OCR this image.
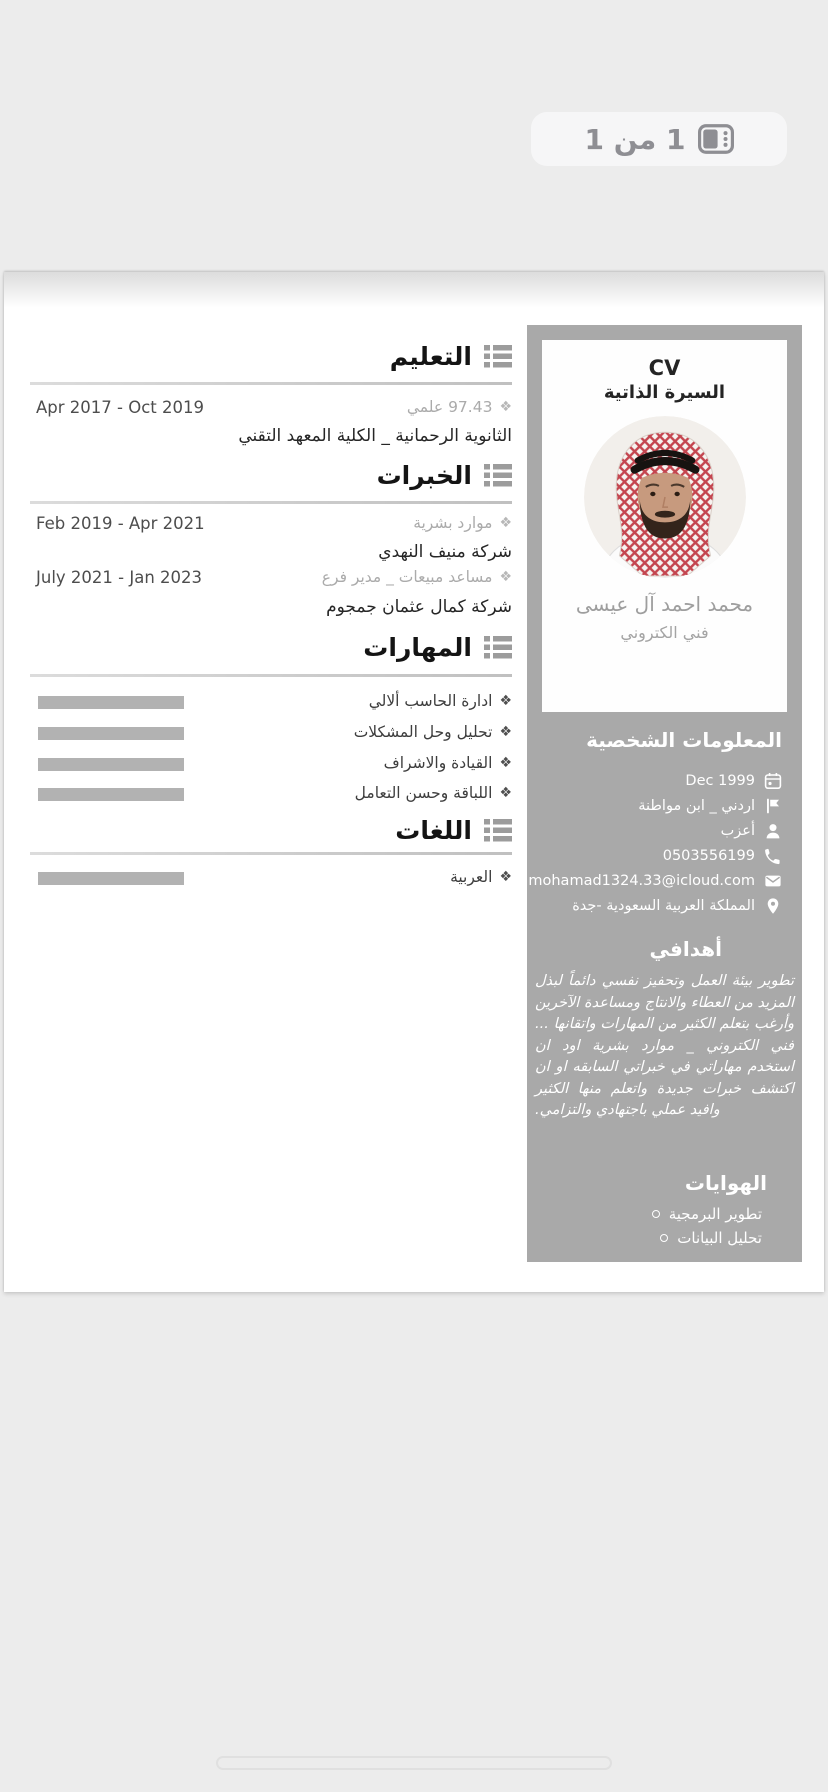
1 من 1
التعليم
Apr 2017 - Oct 2019	❖
97.43 علمي
الثانوية الرحمانية _ الكلية المعهد التقني
الخبرات
Feb 2019 - Apr 2021	❖
موارد بشرية
شركة منيف النهدي
July 2021 - Jan 2023	❖
مساعد مبيعات _ مدير فرع
شركة كمال عثمان جمجوم
المهارات
❖
ادارة الحاسب ألالي
❖
تحليل وحل المشكلات
❖
القيادة والاشراف
❖
اللباقة وحسن التعامل
اللغات
❖
العربية
CV
السيرة الذاتية
محمد احمد آل عيسى
فني الكتروني
المعلومات الشخصية
Dec 1999
اردني _ ابن مواطنة
أعزب
0503556199
mohamad1324.33@icloud.com
المملكة العربية السعودية -جدة
أهدافي
تطوير بيئة العمل وتحفيز نفسي دائماً لبذل المزيد من العطاء والانتاج ومساعدة الآخرين وأرغب بتعلم الكثير من المهارات واتقانها ... فني الكتروني _ موارد بشرية اود ان استخدم مهاراتي في خبراتي السابقه او ان اكتشف خبرات جديدة واتعلم منها الكثير وافيد عملي باجتهادي والتزامي.
الهوايات
تطوير البرمجية
تحليل البيانات
